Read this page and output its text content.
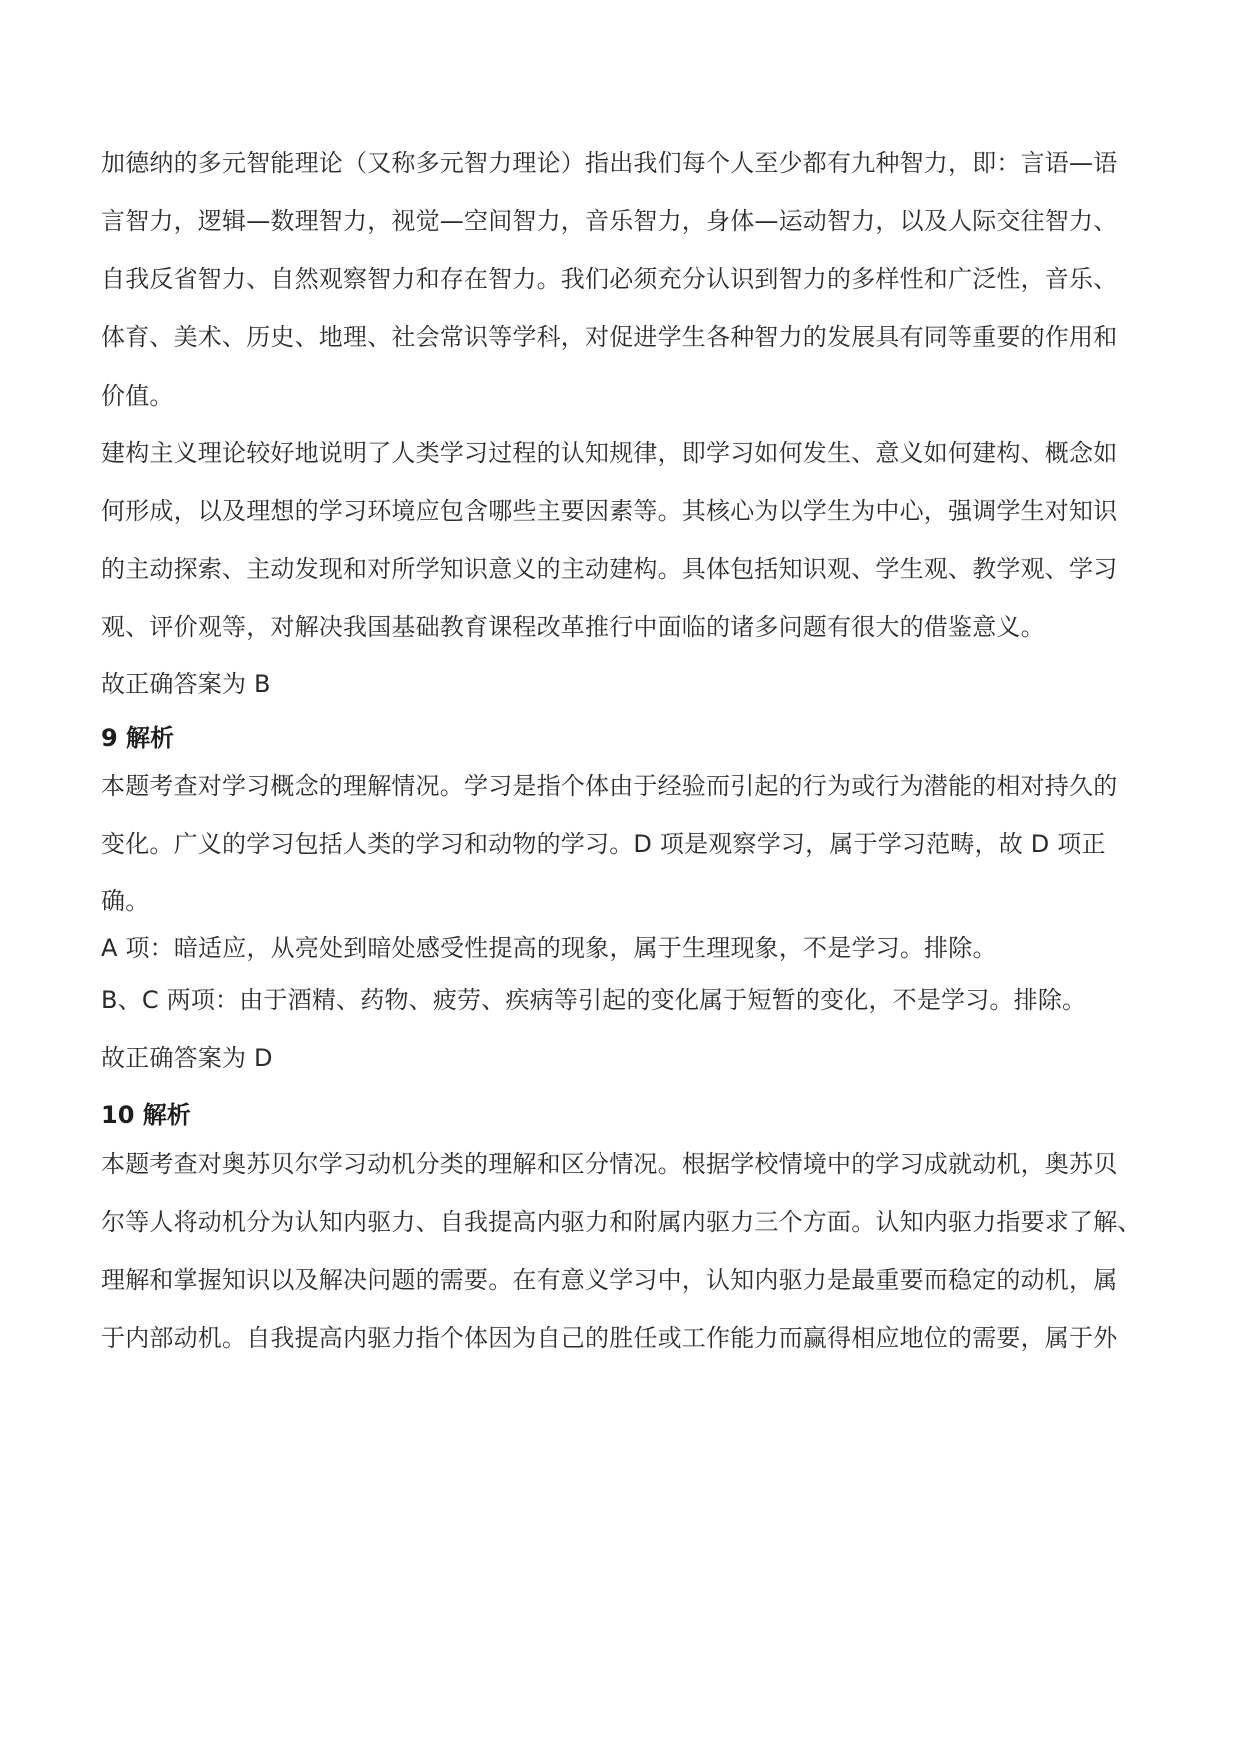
加德纳的多元智能理论（又称多元智力理论）指出我们每个人至少都有九种智力，即：言语—语
言智力，逻辑—数理智力，视觉—空间智力，音乐智力，身体—运动智力，以及人际交往智力、
自我反省智力、自然观察智力和存在智力。我们必须充分认识到智力的多样性和广泛性，音乐、
体育、美术、历史、地理、社会常识等学科，对促进学生各种智力的发展具有同等重要的作用和
价值。
建构主义理论较好地说明了人类学习过程的认知规律，即学习如何发生、意义如何建构、概念如
何形成，以及理想的学习环境应包含哪些主要因素等。其核心为以学生为中心，强调学生对知识
的主动探索、主动发现和对所学知识意义的主动建构。具体包括知识观、学生观、教学观、学习
观、评价观等，对解决我国基础教育课程改革推行中面临的诸多问题有很大的借鉴意义。
故正确答案为 B
9 解析
本题考查对学习概念的理解情况。学习是指个体由于经验而引起的行为或行为潜能的相对持久的
变化。广义的学习包括人类的学习和动物的学习。D 项是观察学习，属于学习范畴，故 D 项正
确。
A 项：暗适应，从亮处到暗处感受性提高的现象，属于生理现象，不是学习。排除。
B、C 两项：由于酒精、药物、疲劳、疾病等引起的变化属于短暂的变化，不是学习。排除。
故正确答案为 D
10 解析
本题考查对奥苏贝尔学习动机分类的理解和区分情况。根据学校情境中的学习成就动机，奥苏贝
尔等人将动机分为认知内驱力、自我提高内驱力和附属内驱力三个方面。认知内驱力指要求了解、
理解和掌握知识以及解决问题的需要。在有意义学习中，认知内驱力是最重要而稳定的动机，属
于内部动机。自我提高内驱力指个体因为自己的胜任或工作能力而赢得相应地位的需要，属于外
